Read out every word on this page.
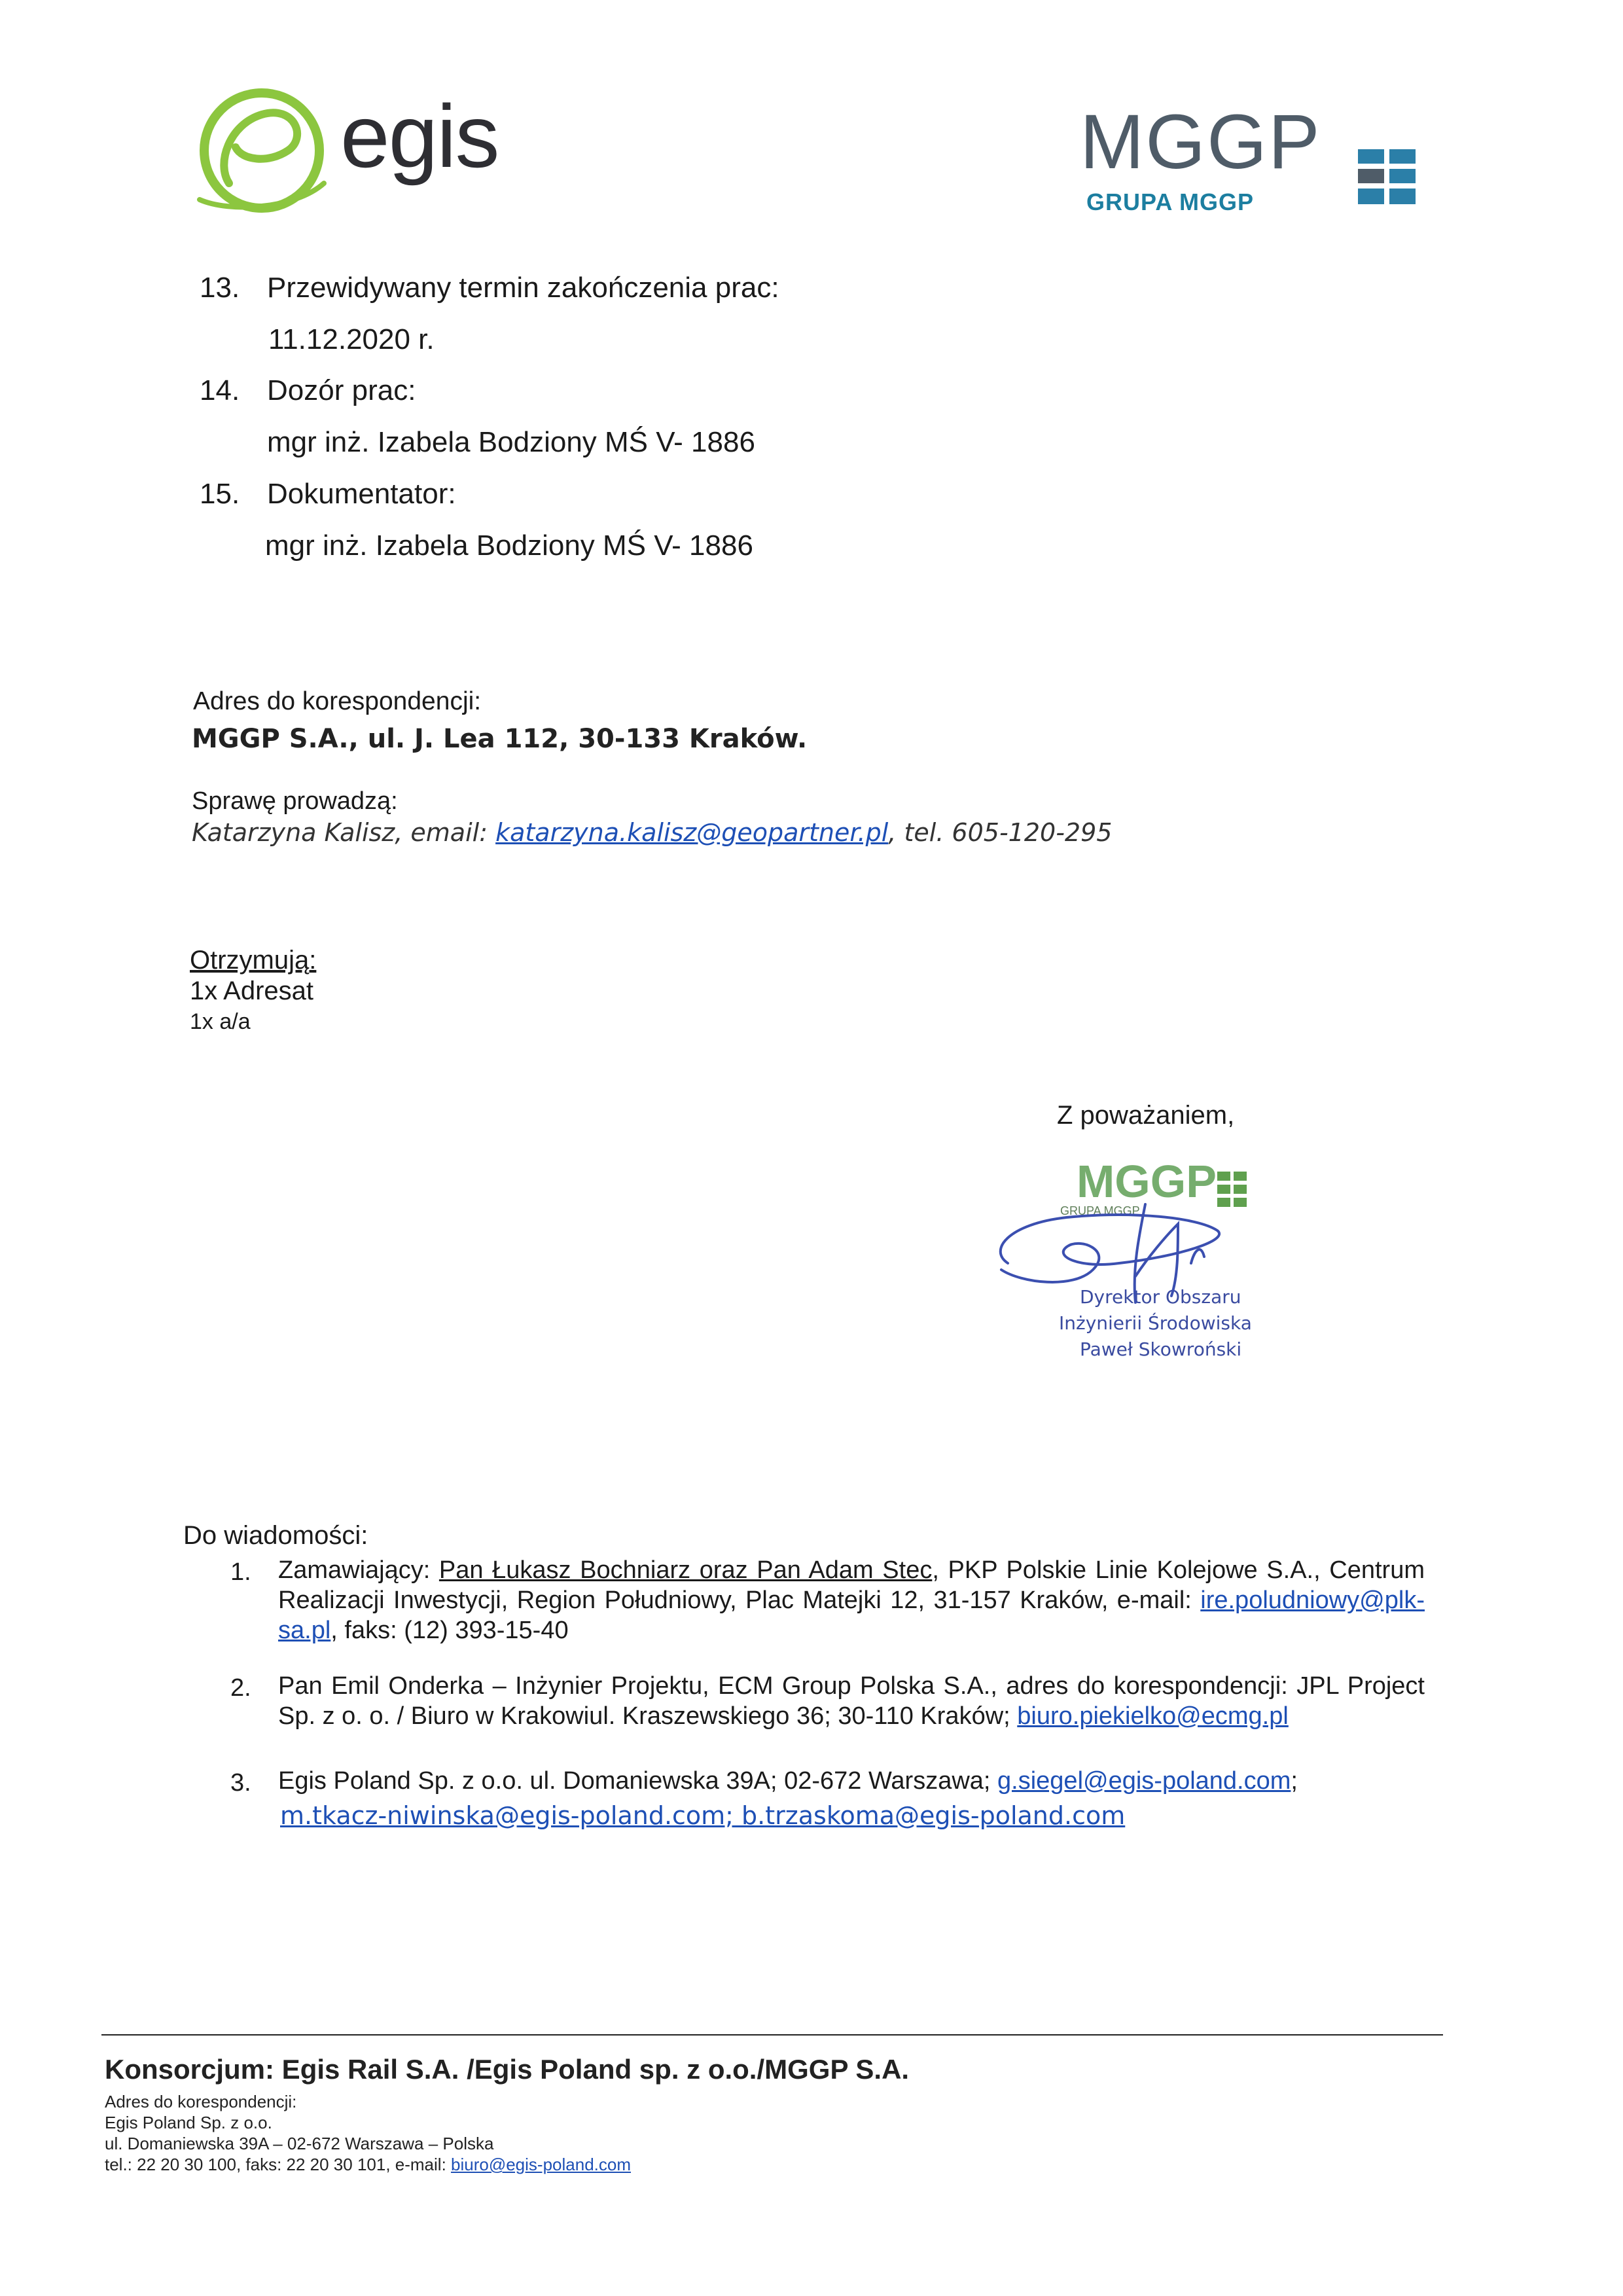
egis	MGGP
GRUPA MGGP
13. Przewidywany termin zakończenia prac:
11.12.2020 r.
14. Dozór prac:
mgr inż. Izabela Bodziony MŚ V- 1886
15. Dokumentator:
mgr inż. Izabela Bodziony MŚ V- 1886
Adres do korespondencji:
MGGP S.A., ul. J. Lea 112, 30-133 Kraków.
Sprawę prowadzą:
Katarzyna Kalisz, email: katarzyna.kalisz@geopartner.pl, tel. 605-120-295
Otrzymują:
1x Adresat
1x a/a
Z poważaniem,
MGGP
GRUPA MGGP
Dyrektor Obszaru
Inżynierii Środowiska
Paweł Skowroński
Do wiadomości:
1. Zamawiający: Pan Łukasz Bochniarz oraz Pan Adam Stec, PKP Polskie Linie Kolejowe S.A., Centrum Realizacji Inwestycji, Region Południowy, Plac Matejki 12, 31-157 Kraków, e-mail: ire.poludniowy@plk-sa.pl, faks: (12) 393-15-40
2. Pan Emil Onderka – Inżynier Projektu, ECM Group Polska S.A., adres do korespondencji: JPL Project Sp. z o. o. / Biuro w Krakowiul. Kraszewskiego 36; 30-110 Kraków; biuro.piekielko@ecmg.pl
3. Egis Poland Sp. z o.o. ul. Domaniewska 39A; 02-672 Warszawa; g.siegel@egis-poland.com;
m.tkacz-niwinska@egis-poland.com; b.trzaskoma@egis-poland.com
Konsorcjum: Egis Rail S.A. /Egis Poland sp. z o.o./MGGP S.A.
Adres do korespondencji:
Egis Poland Sp. z o.o.
ul. Domaniewska 39A – 02-672 Warszawa – Polska
tel.: 22 20 30 100, faks: 22 20 30 101, e-mail: biuro@egis-poland.com
